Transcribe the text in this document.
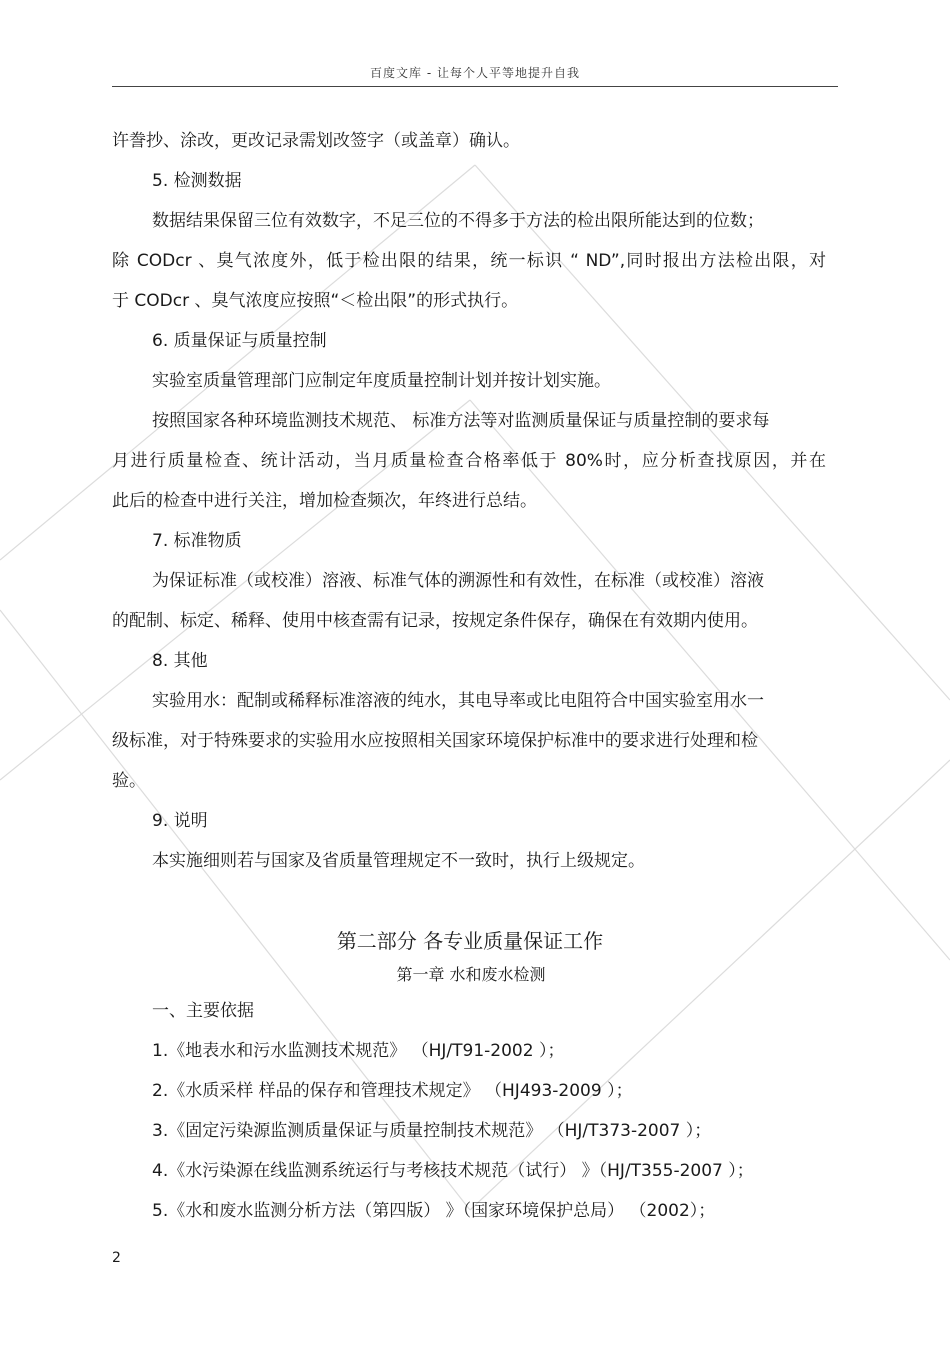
百度文库 - 让每个人平等地提升自我
许誊抄、涂改，更改记录需划改签字（或盖章）确认。
5. 检测数据
数据结果保留三位有效数字，不足三位的不得多于方法的检出限所能达到的位数；
除 CODcr 、臭气浓度外，低于检出限的结果，统一标识 “ ND”,同时报出方法检出限，对
于 CODcr 、臭气浓度应按照“＜检出限”的形式执行。
6. 质量保证与质量控制
实验室质量管理部门应制定年度质量控制计划并按计划实施。
按照国家各种环境监测技术规范、 标准方法等对监测质量保证与质量控制的要求每
月进行质量检查、统计活动，当月质量检查合格率低于 80%时，应分析查找原因，并在
此后的检查中进行关注，增加检查频次，年终进行总结。
7. 标准物质
为保证标准（或校准）溶液、标准气体的溯源性和有效性，在标准（或校准）溶液
的配制、标定、稀释、使用中核查需有记录，按规定条件保存，确保在有效期内使用。
8. 其他
实验用水：配制或稀释标准溶液的纯水，其电导率或比电阻符合中国实验室用水一
级标准，对于特殊要求的实验用水应按照相关国家环境保护标准中的要求进行处理和检
验。
9. 说明
本实施细则若与国家及省质量管理规定不一致时，执行上级规定。
第二部分 各专业质量保证工作
第一章 水和废水检测
一、主要依据
1.《地表水和污水监测技术规范》 （HJ/T91-2002 ）；
2.《水质采样 样品的保存和管理技术规定》 （HJ493-2009 ）；
3.《固定污染源监测质量保证与质量控制技术规范》 （HJ/T373-2007 ）；
4.《水污染源在线监测系统运行与考核技术规范（试行） 》（HJ/T355-2007 ）；
5.《水和废水监测分析方法（第四版） 》（国家环境保护总局） （2002）；
2
